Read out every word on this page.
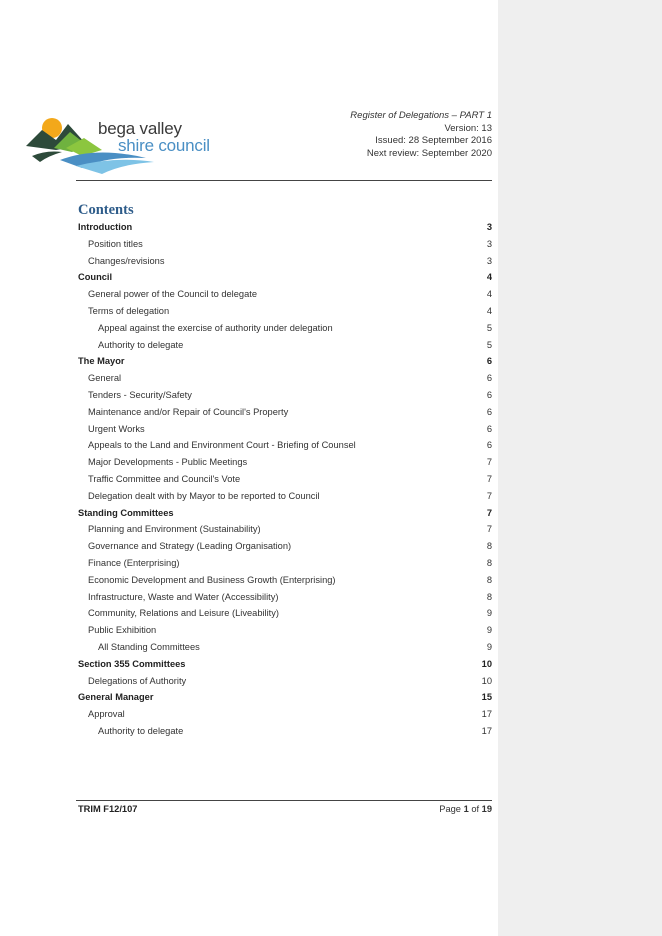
bega valley
shire council
Register of Delegations – PART 1
Version: 13
Issued: 28 September 2016
Next review: September 2020
Contents
Introduction	3
Position titles	3
Changes/revisions	3
Council	4
General power of the Council to delegate	4
Terms of delegation	4
Appeal against the exercise of authority under delegation	5
Authority to delegate	5
The Mayor	6
General	6
Tenders - Security/Safety	6
Maintenance and/or Repair of Council's Property	6
Urgent Works	6
Appeals to the Land and Environment Court - Briefing of Counsel	6
Major Developments - Public Meetings	7
Traffic Committee and Council's Vote	7
Delegation dealt with by Mayor to be reported to Council	7
Standing Committees	7
Planning and Environment (Sustainability)	7
Governance and Strategy (Leading Organisation)	8
Finance (Enterprising)	8
Economic Development and Business Growth (Enterprising)	8
Infrastructure, Waste and Water (Accessibility)	8
Community, Relations and Leisure (Liveability)	9
Public Exhibition	9
All Standing Committees	9
Section 355 Committees	10
Delegations of Authority	10
General Manager	15
Approval	17
Authority to delegate	17
TRIM F12/107	Page 1 of 19
